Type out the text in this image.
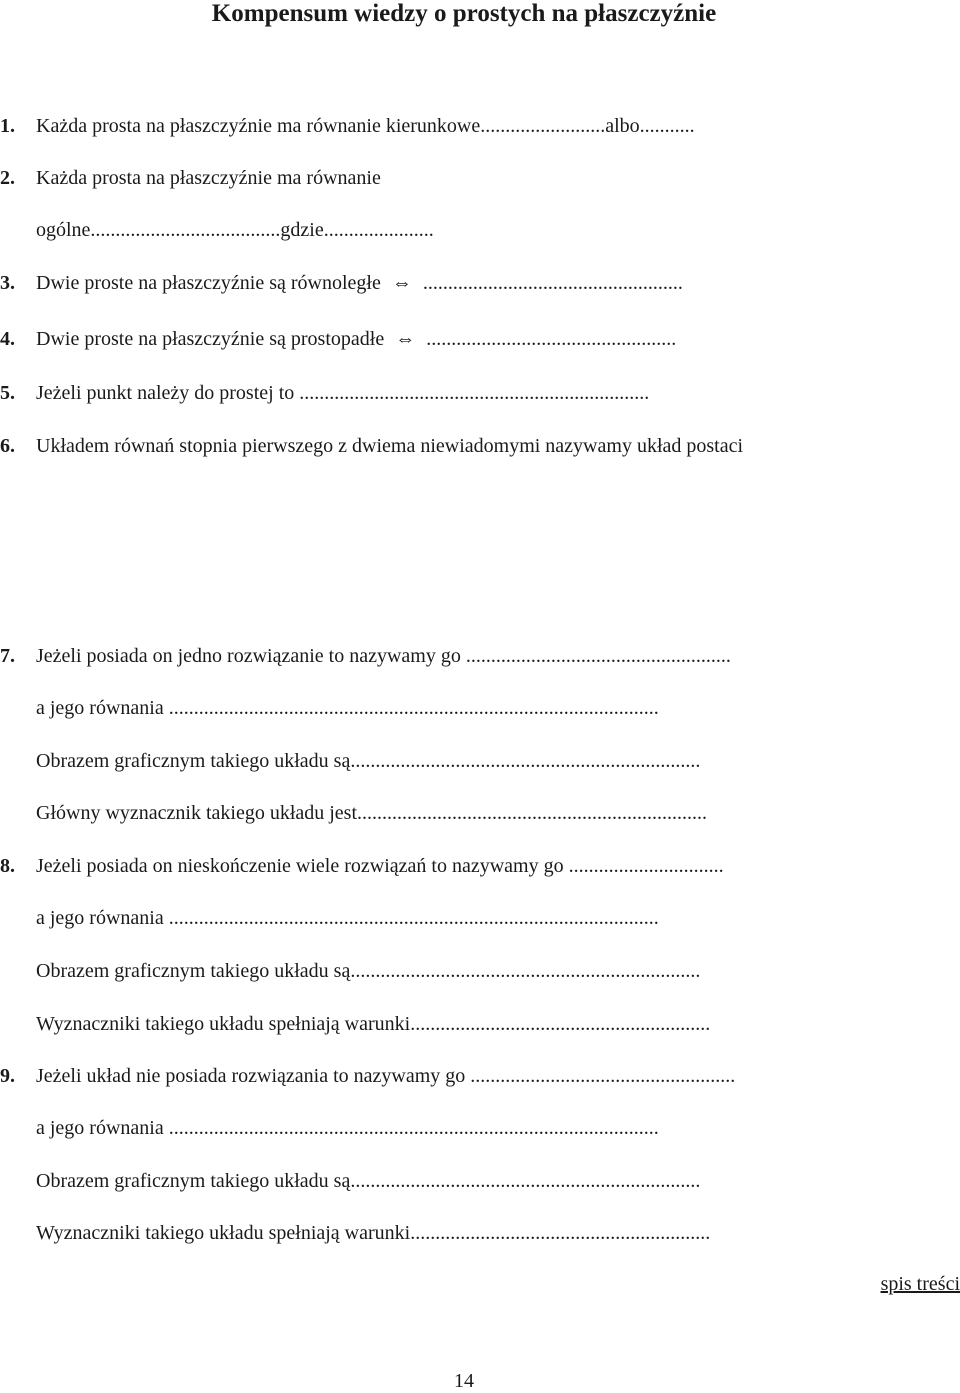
Kompensum wiedzy o prostych na płaszczyźnie
1. Każda prosta na płaszczyźnie ma równanie kierunkowe.........................albo...........
2. Każda prosta na płaszczyźnie ma równanie
ogólne......................................gdzie......................
3. Dwie proste na płaszczyźnie są równoległe ⇔ ....................................................
4. Dwie proste na płaszczyźnie są prostopadłe ⇔ ..................................................
5. Jeżeli punkt należy do prostej to ......................................................................
6. Układem równań stopnia pierwszego z dwiema niewiadomymi nazywamy układ postaci
7. Jeżeli posiada on jedno rozwiązanie to nazywamy go .....................................................
a jego równania ..................................................................................................
Obrazem graficznym takiego układu są......................................................................
Główny wyznacznik takiego układu jest......................................................................
8. Jeżeli posiada on nieskończenie wiele rozwiązań to nazywamy go ...............................
a jego równania ..................................................................................................
Obrazem graficznym takiego układu są......................................................................
Wyznaczniki takiego układu spełniają warunki............................................................
9. Jeżeli układ nie posiada rozwiązania to nazywamy go .....................................................
a jego równania ..................................................................................................
Obrazem graficznym takiego układu są......................................................................
Wyznaczniki takiego układu spełniają warunki............................................................
spis treści
14
